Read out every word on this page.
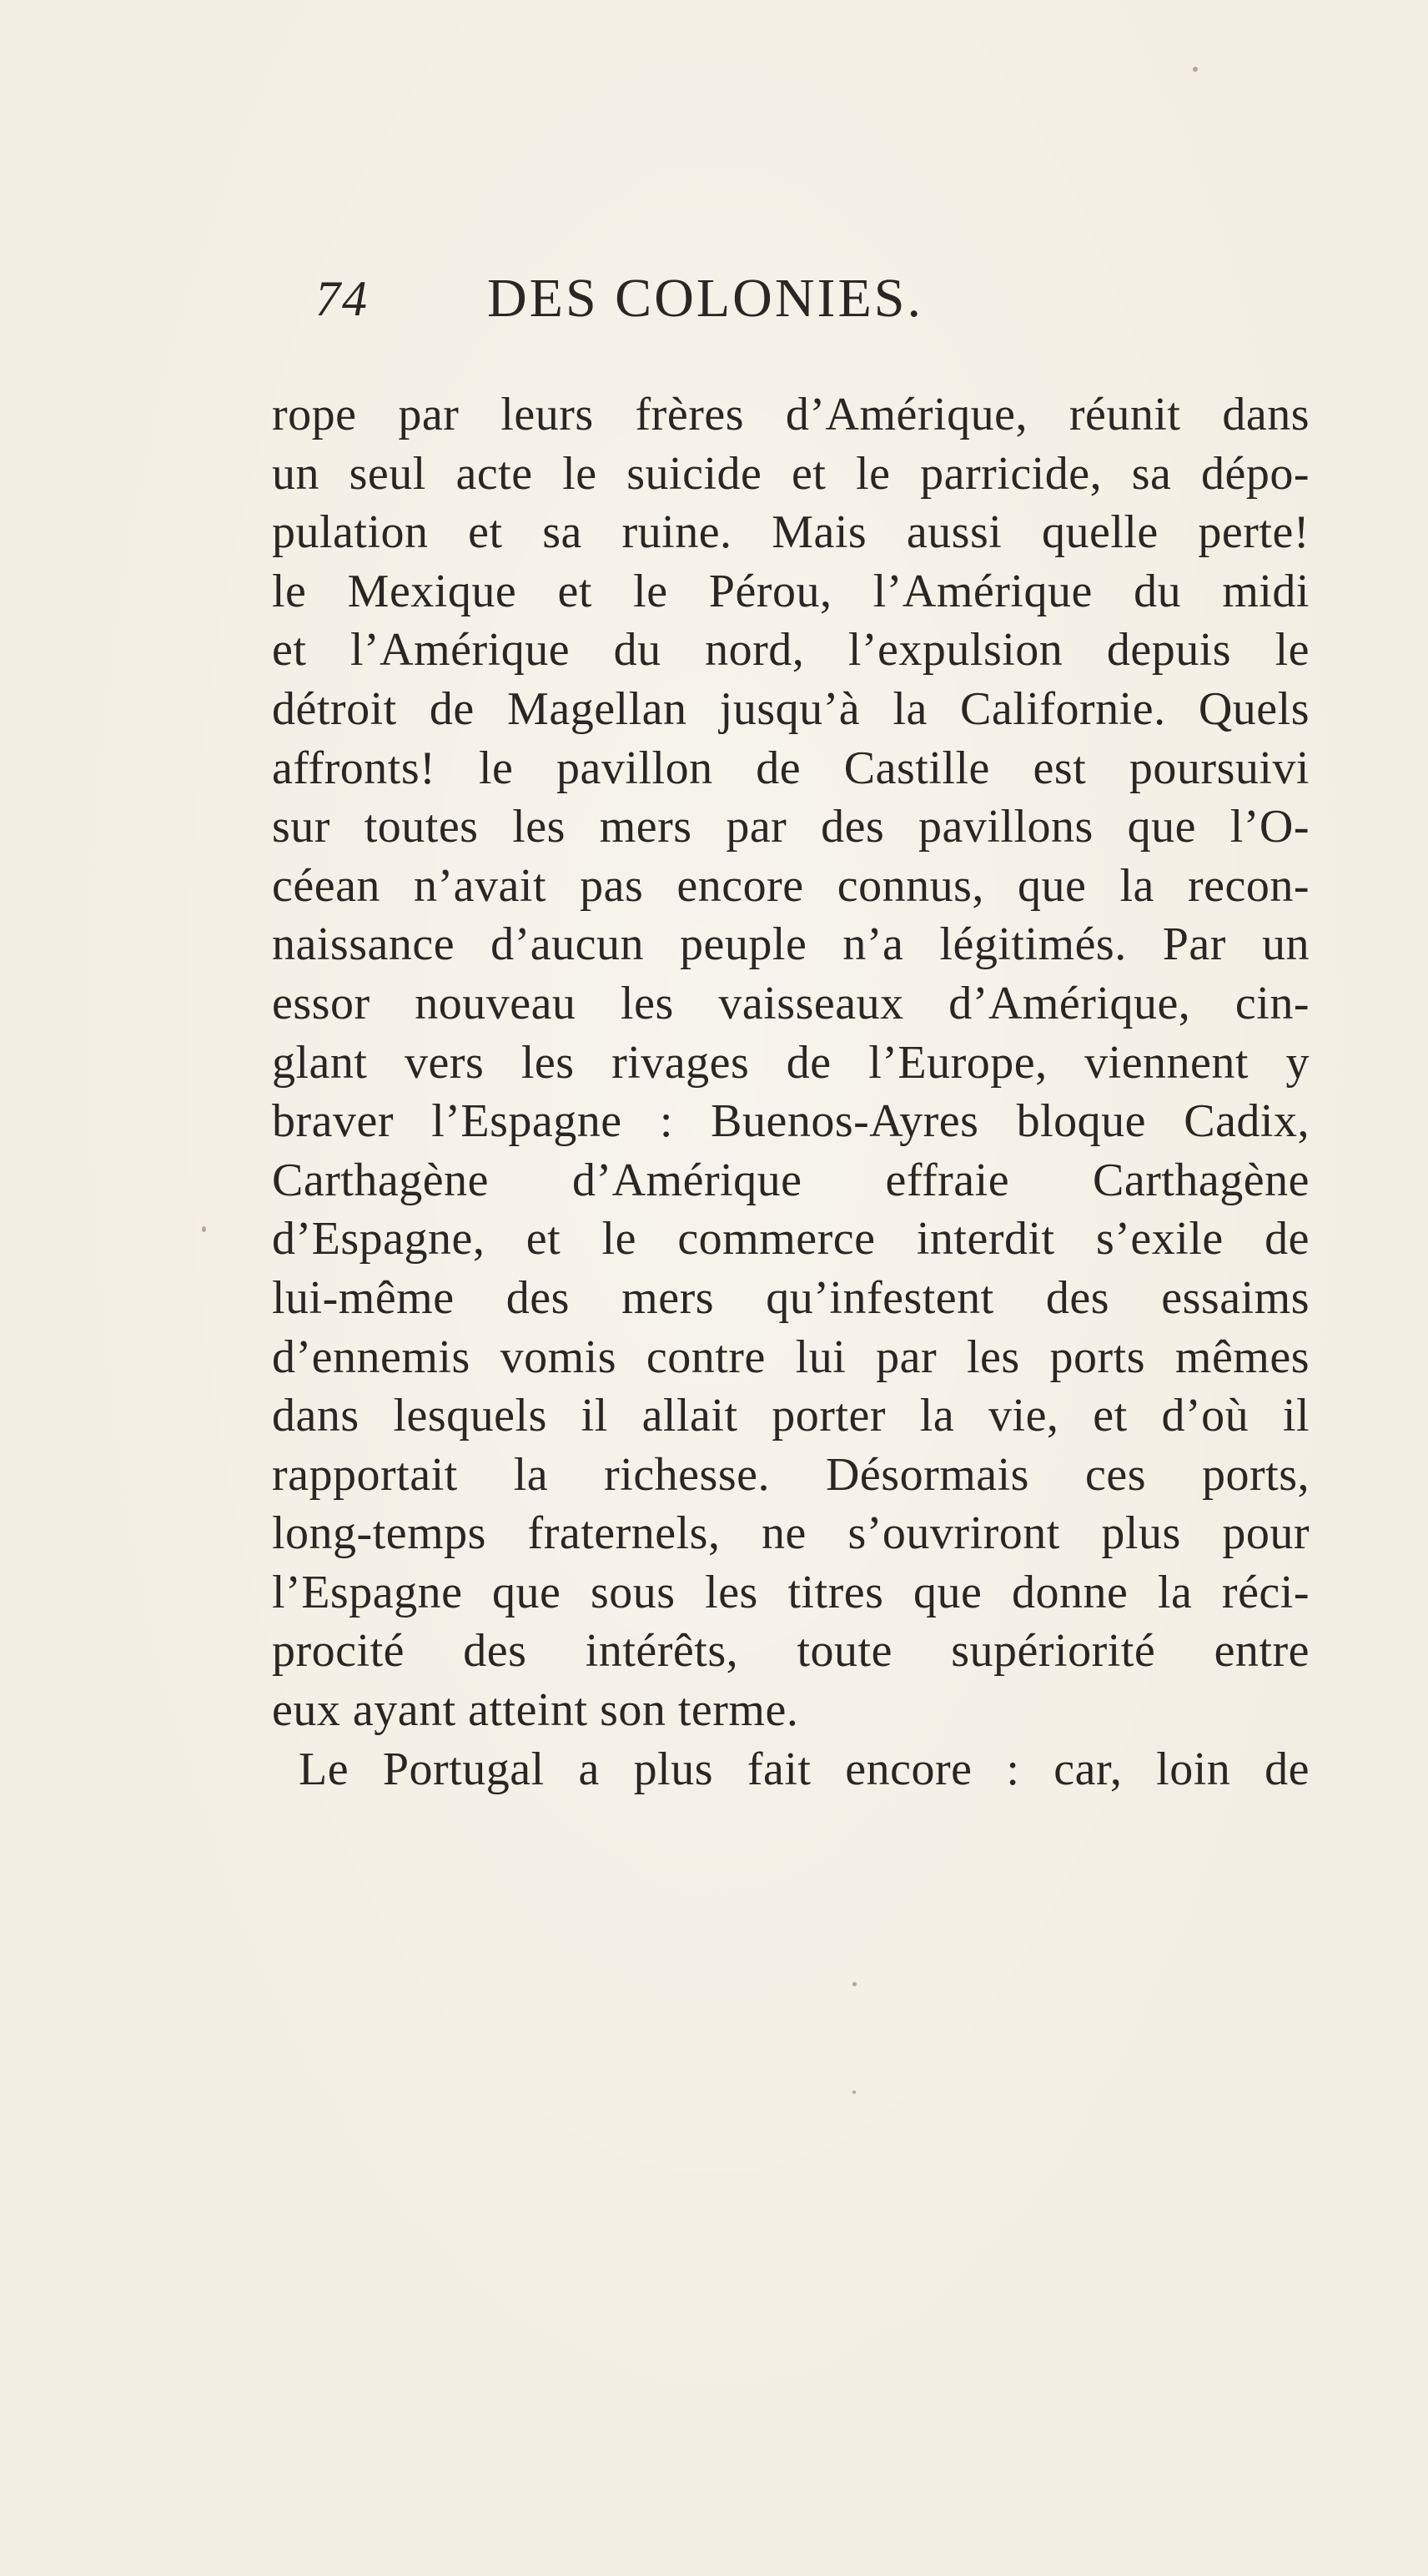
74 DES COLONIES.
rope par leurs frères d’Amérique, réunit dans
un seul acte le suicide et le parricide, sa dépo-
pulation et sa ruine. Mais aussi quelle perte!
le Mexique et le Pérou, l’Amérique du midi
et l’Amérique du nord, l’expulsion depuis le
détroit de Magellan jusqu’à la Californie. Quels
affronts! le pavillon de Castille est poursuivi
sur toutes les mers par des pavillons que l’O-
céean n’avait pas encore connus, que la recon-
naissance d’aucun peuple n’a légitimés. Par un
essor nouveau les vaisseaux d’Amérique, cin-
glant vers les rivages de l’Europe, viennent y
braver l’Espagne : Buenos-Ayres bloque Cadix,
Carthagène d’Amérique effraie Carthagène
d’Espagne, et le commerce interdit s’exile de
lui-même des mers qu’infestent des essaims
d’ennemis vomis contre lui par les ports mêmes
dans lesquels il allait porter la vie, et d’où il
rapportait la richesse. Désormais ces ports,
long-temps fraternels, ne s’ouvriront plus pour
l’Espagne que sous les titres que donne la réci-
procité des intérêts, toute supériorité entre
eux ayant atteint son terme.
Le Portugal a plus fait encore : car, loin de
